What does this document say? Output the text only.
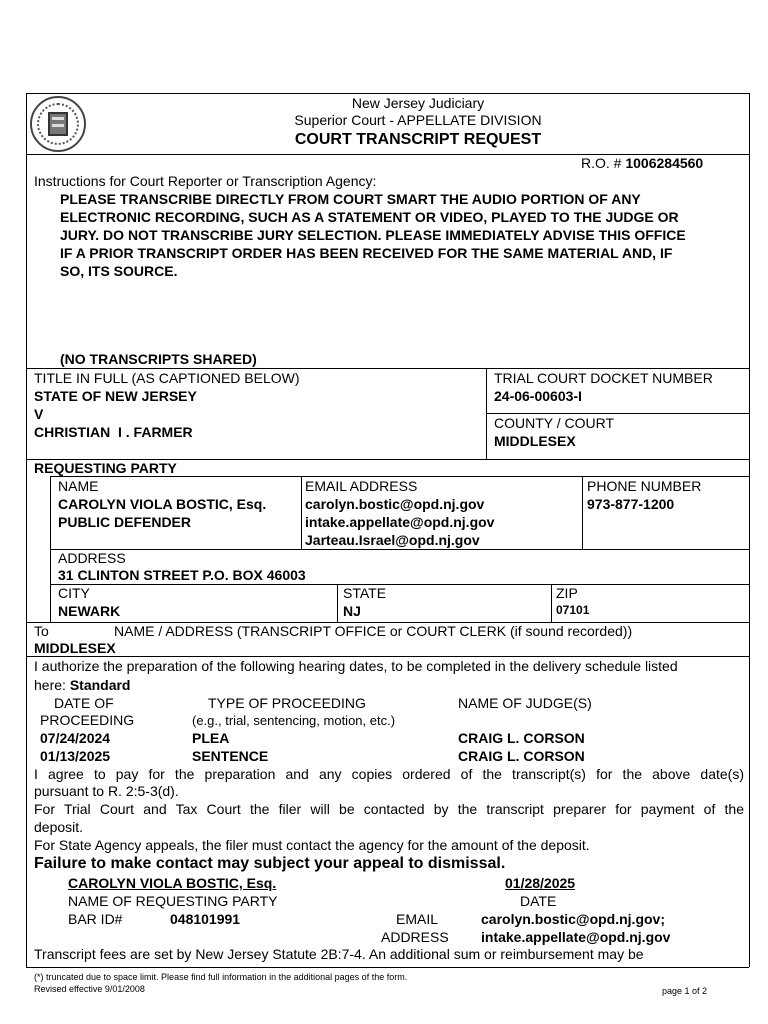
New Jersey Judiciary
Superior Court - APPELLATE DIVISION
COURT TRANSCRIPT REQUEST
R.O. # 1006284560
Instructions for Court Reporter or Transcription Agency:
PLEASE TRANSCRIBE DIRECTLY FROM COURT SMART THE AUDIO PORTION OF ANY
ELECTRONIC RECORDING, SUCH AS A STATEMENT OR VIDEO, PLAYED TO THE JUDGE OR
JURY. DO NOT TRANSCRIBE JURY SELECTION. PLEASE IMMEDIATELY ADVISE THIS OFFICE
IF A PRIOR TRANSCRIPT ORDER HAS BEEN RECEIVED FOR THE SAME MATERIAL AND, IF
SO, ITS SOURCE.
(NO TRANSCRIPTS SHARED)
TITLE IN FULL (AS CAPTIONED BELOW)
STATE OF NEW JERSEY
V
CHRISTIAN  I . FARMER
TRIAL COURT DOCKET NUMBER
24-06-00603-I
COUNTY / COURT
MIDDLESEX
REQUESTING PARTY
NAME
CAROLYN VIOLA BOSTIC, Esq.
PUBLIC DEFENDER
EMAIL ADDRESS
carolyn.bostic@opd.nj.gov
intake.appellate@opd.nj.gov
Jarteau.Israel@opd.nj.gov
PHONE NUMBER
973-877-1200
ADDRESS
31 CLINTON STREET P.O. BOX 46003
CITY
NEWARK
STATE
NJ
ZIP
07101
To	NAME / ADDRESS (TRANSCRIPT OFFICE or COURT CLERK (if sound recorded))
MIDDLESEX
I authorize the preparation of the following hearing dates, to be completed in the delivery schedule listed
here: Standard
DATE OF
PROCEEDING
TYPE OF PROCEEDING
(e.g., trial, sentencing, motion, etc.)
NAME OF JUDGE(S)
07/24/2024	PLEA	CRAIG L. CORSON
01/13/2025	SENTENCE	CRAIG L. CORSON
I agree to pay for the preparation and any copies ordered of the transcript(s) for the above date(s)
pursuant to R. 2:5-3(d).
For Trial Court and Tax Court the filer will be contacted by the transcript preparer for payment of the
deposit.
For State Agency appeals, the filer must contact the agency for the amount of the deposit.
Failure to make contact may subject your appeal to dismissal.
CAROLYN VIOLA BOSTIC, Esq.
NAME OF REQUESTING PARTY
01/28/2025
DATE
BAR ID#	048101991	EMAIL
ADDRESS
carolyn.bostic@opd.nj.gov;
intake.appellate@opd.nj.gov
Transcript fees are set by New Jersey Statute 2B:7-4. An additional sum or reimbursement may be
(*) truncated due to space limit. Please find full information in the additional pages of the form.
Revised effective 9/01/2008	page 1 of 2
